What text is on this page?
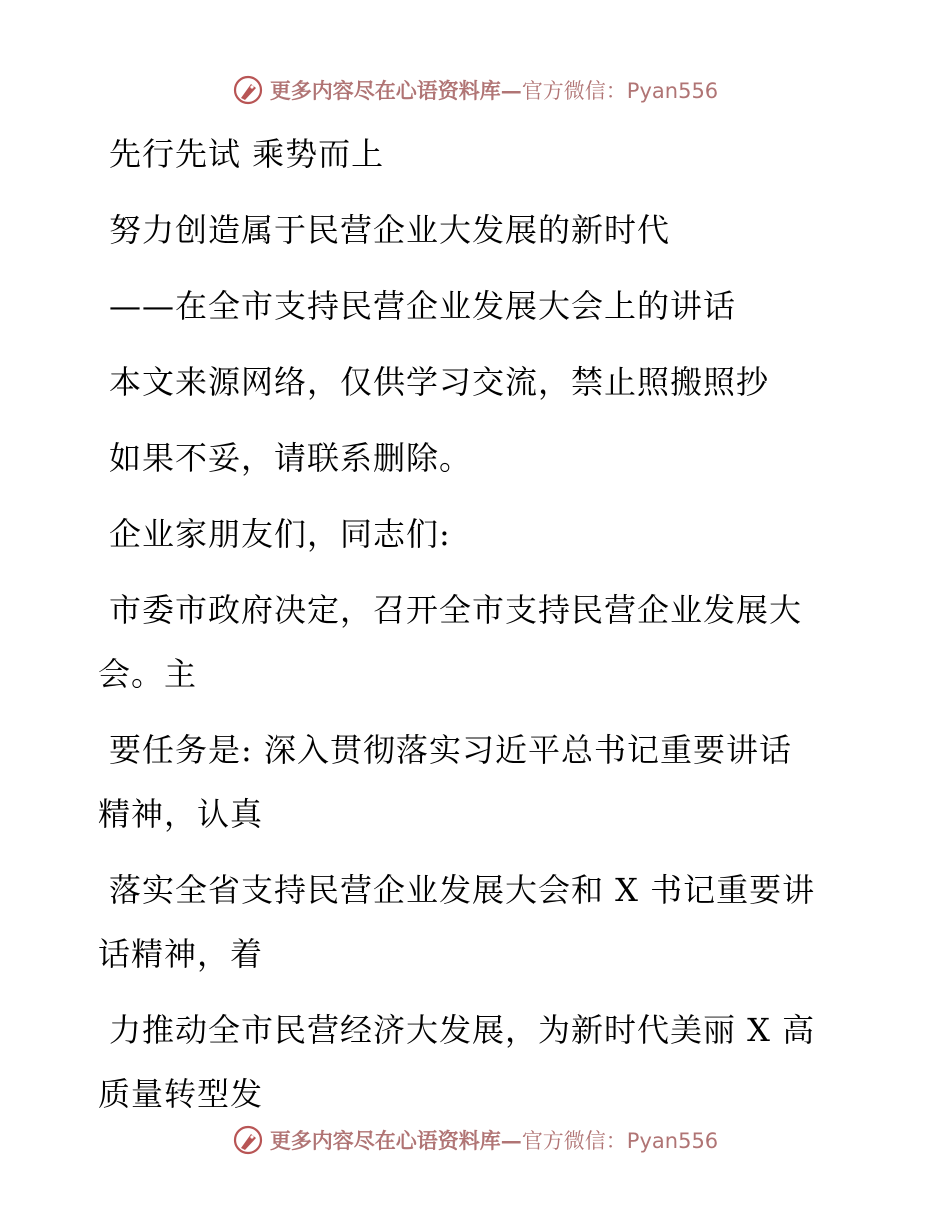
更多内容尽在心语资料库— 官方微信：Pyan556
先行先试 乘势而上
努力创造属于民营企业大发展的新时代
——在全市支持民营企业发展大会上的讲话
本文来源网络，仅供学习交流，禁止照搬照抄
如果不妥，请联系删除。
企业家朋友们，同志们:
市委市政府决定，召开全市支持民营企业发展大
会。主
要任务是: 深入贯彻落实习近平总书记重要讲话
精神，认真
落实全省支持民营企业发展大会和 X 书记重要讲
话精神，着
力推动全市民营经济大发展，为新时代美丽 X 高
质量转型发
更多内容尽在心语资料库— 官方微信：Pyan556
